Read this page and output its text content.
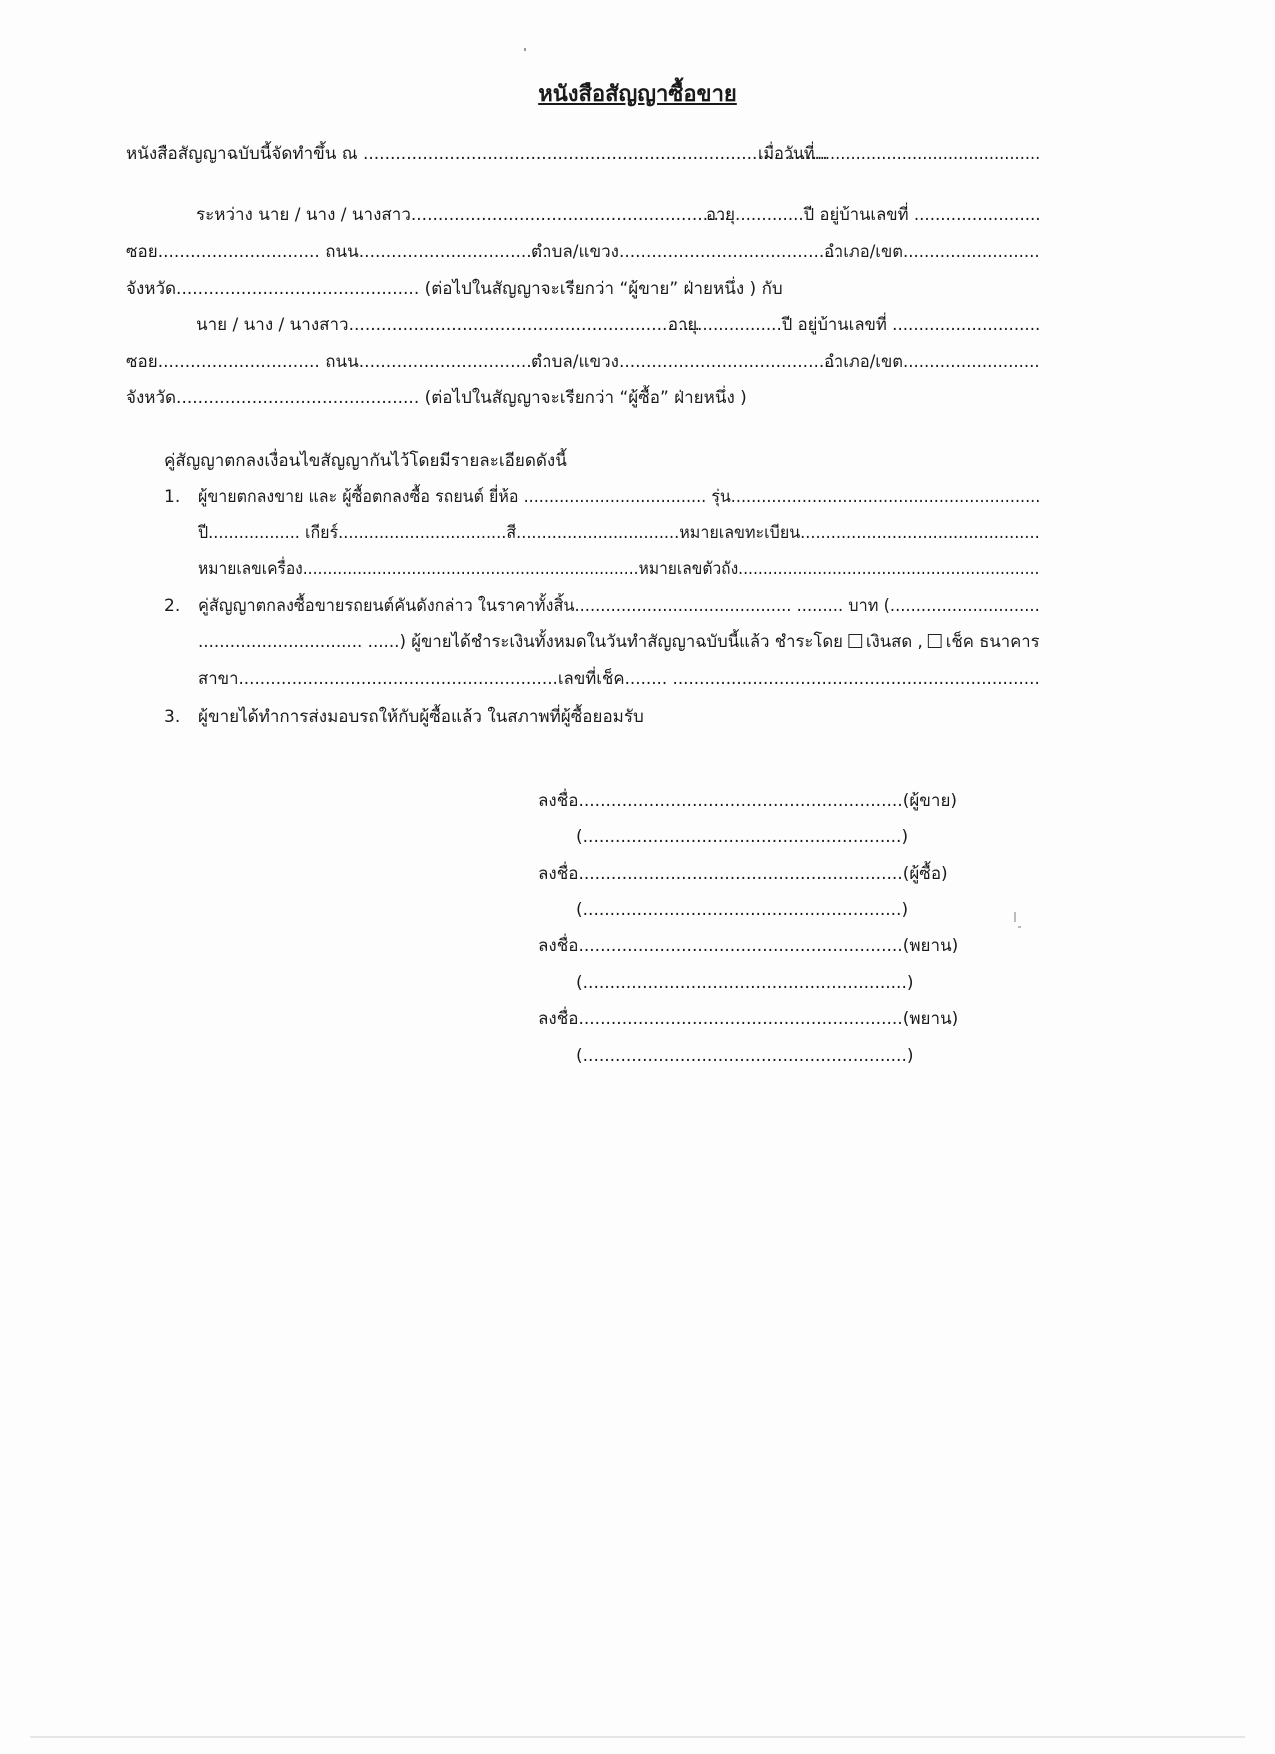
หนังสือสัญญาซื้อขาย
หนังสือสัญญาฉบับนี้จัดทำขึ้น ณ ......................................................................................
เมื่อวันที่............................................
ระหว่าง นาย / นาง / นางสาว...........................................................
อายุ.............ปี อยู่บ้านเลขที่ ........................
ซอย.............................. ถนน...................................
ตำบล/แขวง.........................................
อำเภอ/เขต..........................
จังหวัด............................................. (ต่อไปในสัญญาจะเรียกว่า “ผู้ขาย” ฝ่ายหนึ่ง ) กับ
นาย / นาง / นางสาว.................................................................
อายุ................ปี อยู่บ้านเลขที่ ............................
ซอย.............................. ถนน...................................
ตำบล/แขวง.........................................
อำเภอ/เขต..........................
จังหวัด............................................. (ต่อไปในสัญญาจะเรียกว่า “ผู้ซื้อ” ฝ่ายหนึ่ง )
คู่สัญญาตกลงเงื่อนไขสัญญากันไว้โดยมีรายละเอียดดังนี้
1. ผู้ขายตกลงขาย และ ผู้ซื้อตกลงซื้อ รถยนต์ ยี่ห้อ .................................... รุ่น.............................................................
ปี.................. เกียร์.................................สี................................หมายเลขทะเบียน...............................................
หมายเลขเครื่อง....................................................................หมายเลขตัวถัง.............................................................
2. คู่สัญญาตกลงซื้อขายรถยนต์คันดังกล่าว ในราคาทั้งสิ้น.......................................... ......... บาท (.............................
............................... ......) ผู้ขายได้ชำระเงินทั้งหมดในวันทำสัญญาฉบับนี้แล้ว ชำระโดย เงินสด , เช็ค ธนาคาร
สาขา............................................................เลขที่เช็ค........ .....................................................................
3. ผู้ขายได้ทำการส่งมอบรถให้กับผู้ซื้อแล้ว ในสภาพที่ผู้ซื้อยอมรับ
ลงชื่อ............................................................(ผู้ขาย)
(...........................................................)
ลงชื่อ............................................................(ผู้ซื้อ)
(...........................................................)
ลงชื่อ............................................................(พยาน)
(............................................................)
ลงชื่อ............................................................(พยาน)
(............................................................)
